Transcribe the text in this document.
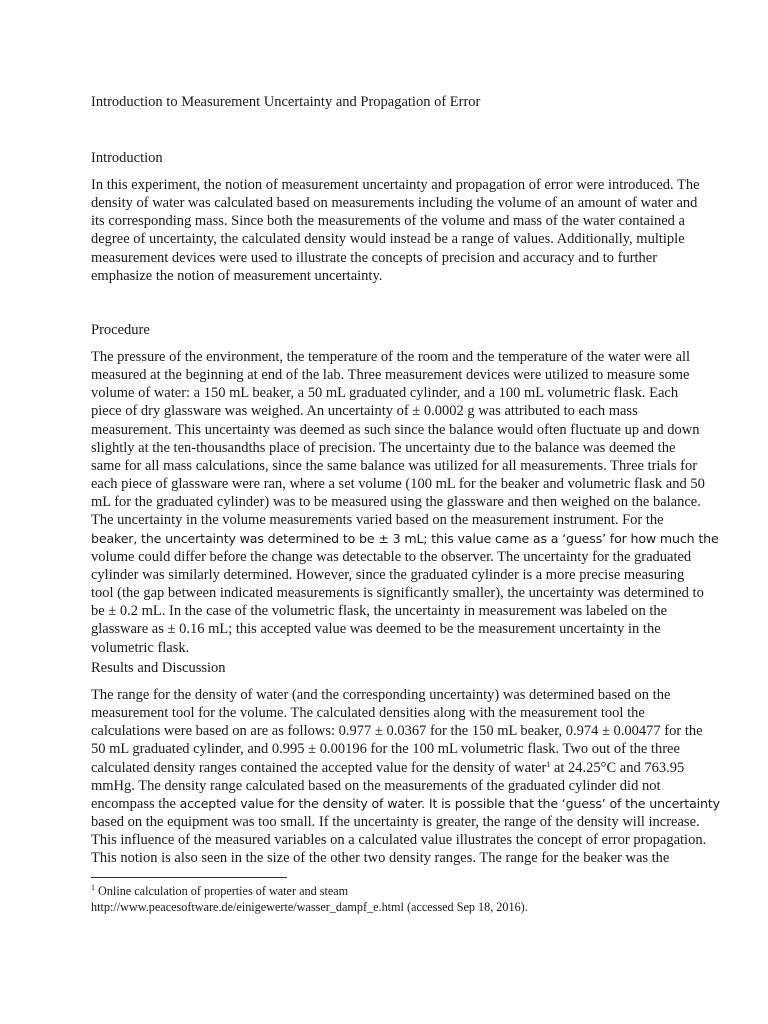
Introduction to Measurement Uncertainty and Propagation of Error
Introduction

In this experiment, the notion of measurement uncertainty and propagation of error were introduced. The
density of water was calculated based on measurements including the volume of an amount of water and
its corresponding mass. Since both the measurements of the volume and mass of the water contained a
degree of uncertainty, the calculated density would instead be a range of values. Additionally, multiple
measurement devices were used to illustrate the concepts of precision and accuracy and to further
emphasize the notion of measurement uncertainty.

Procedure

The pressure of the environment, the temperature of the room and the temperature of the water were all
measured at the beginning at end of the lab. Three measurement devices were utilized to measure some
volume of water: a 150 mL beaker, a 50 mL graduated cylinder, and a 100 mL volumetric flask. Each
piece of dry glassware was weighed. An uncertainty of ± 0.0002 g was attributed to each mass
measurement. This uncertainty was deemed as such since the balance would often fluctuate up and down
slightly at the ten-thousandths place of precision. The uncertainty due to the balance was deemed the
same for all mass calculations, since the same balance was utilized for all measurements. Three trials for
each piece of glassware were ran, where a set volume (100 mL for the beaker and volumetric flask and 50
mL for the graduated cylinder) was to be measured using the glassware and then weighed on the balance.
The uncertainty in the volume measurements varied based on the measurement instrument. For the
beaker, the uncertainty was determined to be ± 3 mL; this value came as a ‘guess’ for how much the
volume could differ before the change was detectable to the observer. The uncertainty for the graduated
cylinder was similarly determined. However, since the graduated cylinder is a more precise measuring
tool (the gap between indicated measurements is significantly smaller), the uncertainty was determined to
be ± 0.2 mL. In the case of the volumetric flask, the uncertainty in measurement was labeled on the
glassware as ± 0.16 mL; this accepted value was deemed to be the measurement uncertainty in the
volumetric flask.

Results and Discussion

The range for the density of water (and the corresponding uncertainty) was determined based on the
measurement tool for the volume. The calculated densities along with the measurement tool the
calculations were based on are as follows: 0.977 ± 0.0367 for the 150 mL beaker, 0.974 ± 0.00477 for the
50 mL graduated cylinder, and 0.995 ± 0.00196 for the 100 mL volumetric flask. Two out of the three
calculated density ranges contained the accepted value for the density of water$^1$ at 24.25°C and 763.95
mmHg. The density range calculated based on the measurements of the graduated cylinder did not
encompass the accepted value for the density of water. It is possible that the ‘guess’ of the uncertainty
based on the equipment was too small. If the uncertainty is greater, the range of the density will increase.
This influence of the measured variables on a calculated value illustrates the concept of error propagation.
This notion is also seen in the size of the other two density ranges. The range for the beaker was the

$^1$ Online calculation of properties of water and steam
http://www.peacesoftware.de/einigewerte/wasser_dampf_e.html (accessed Sep 18, 2016).
